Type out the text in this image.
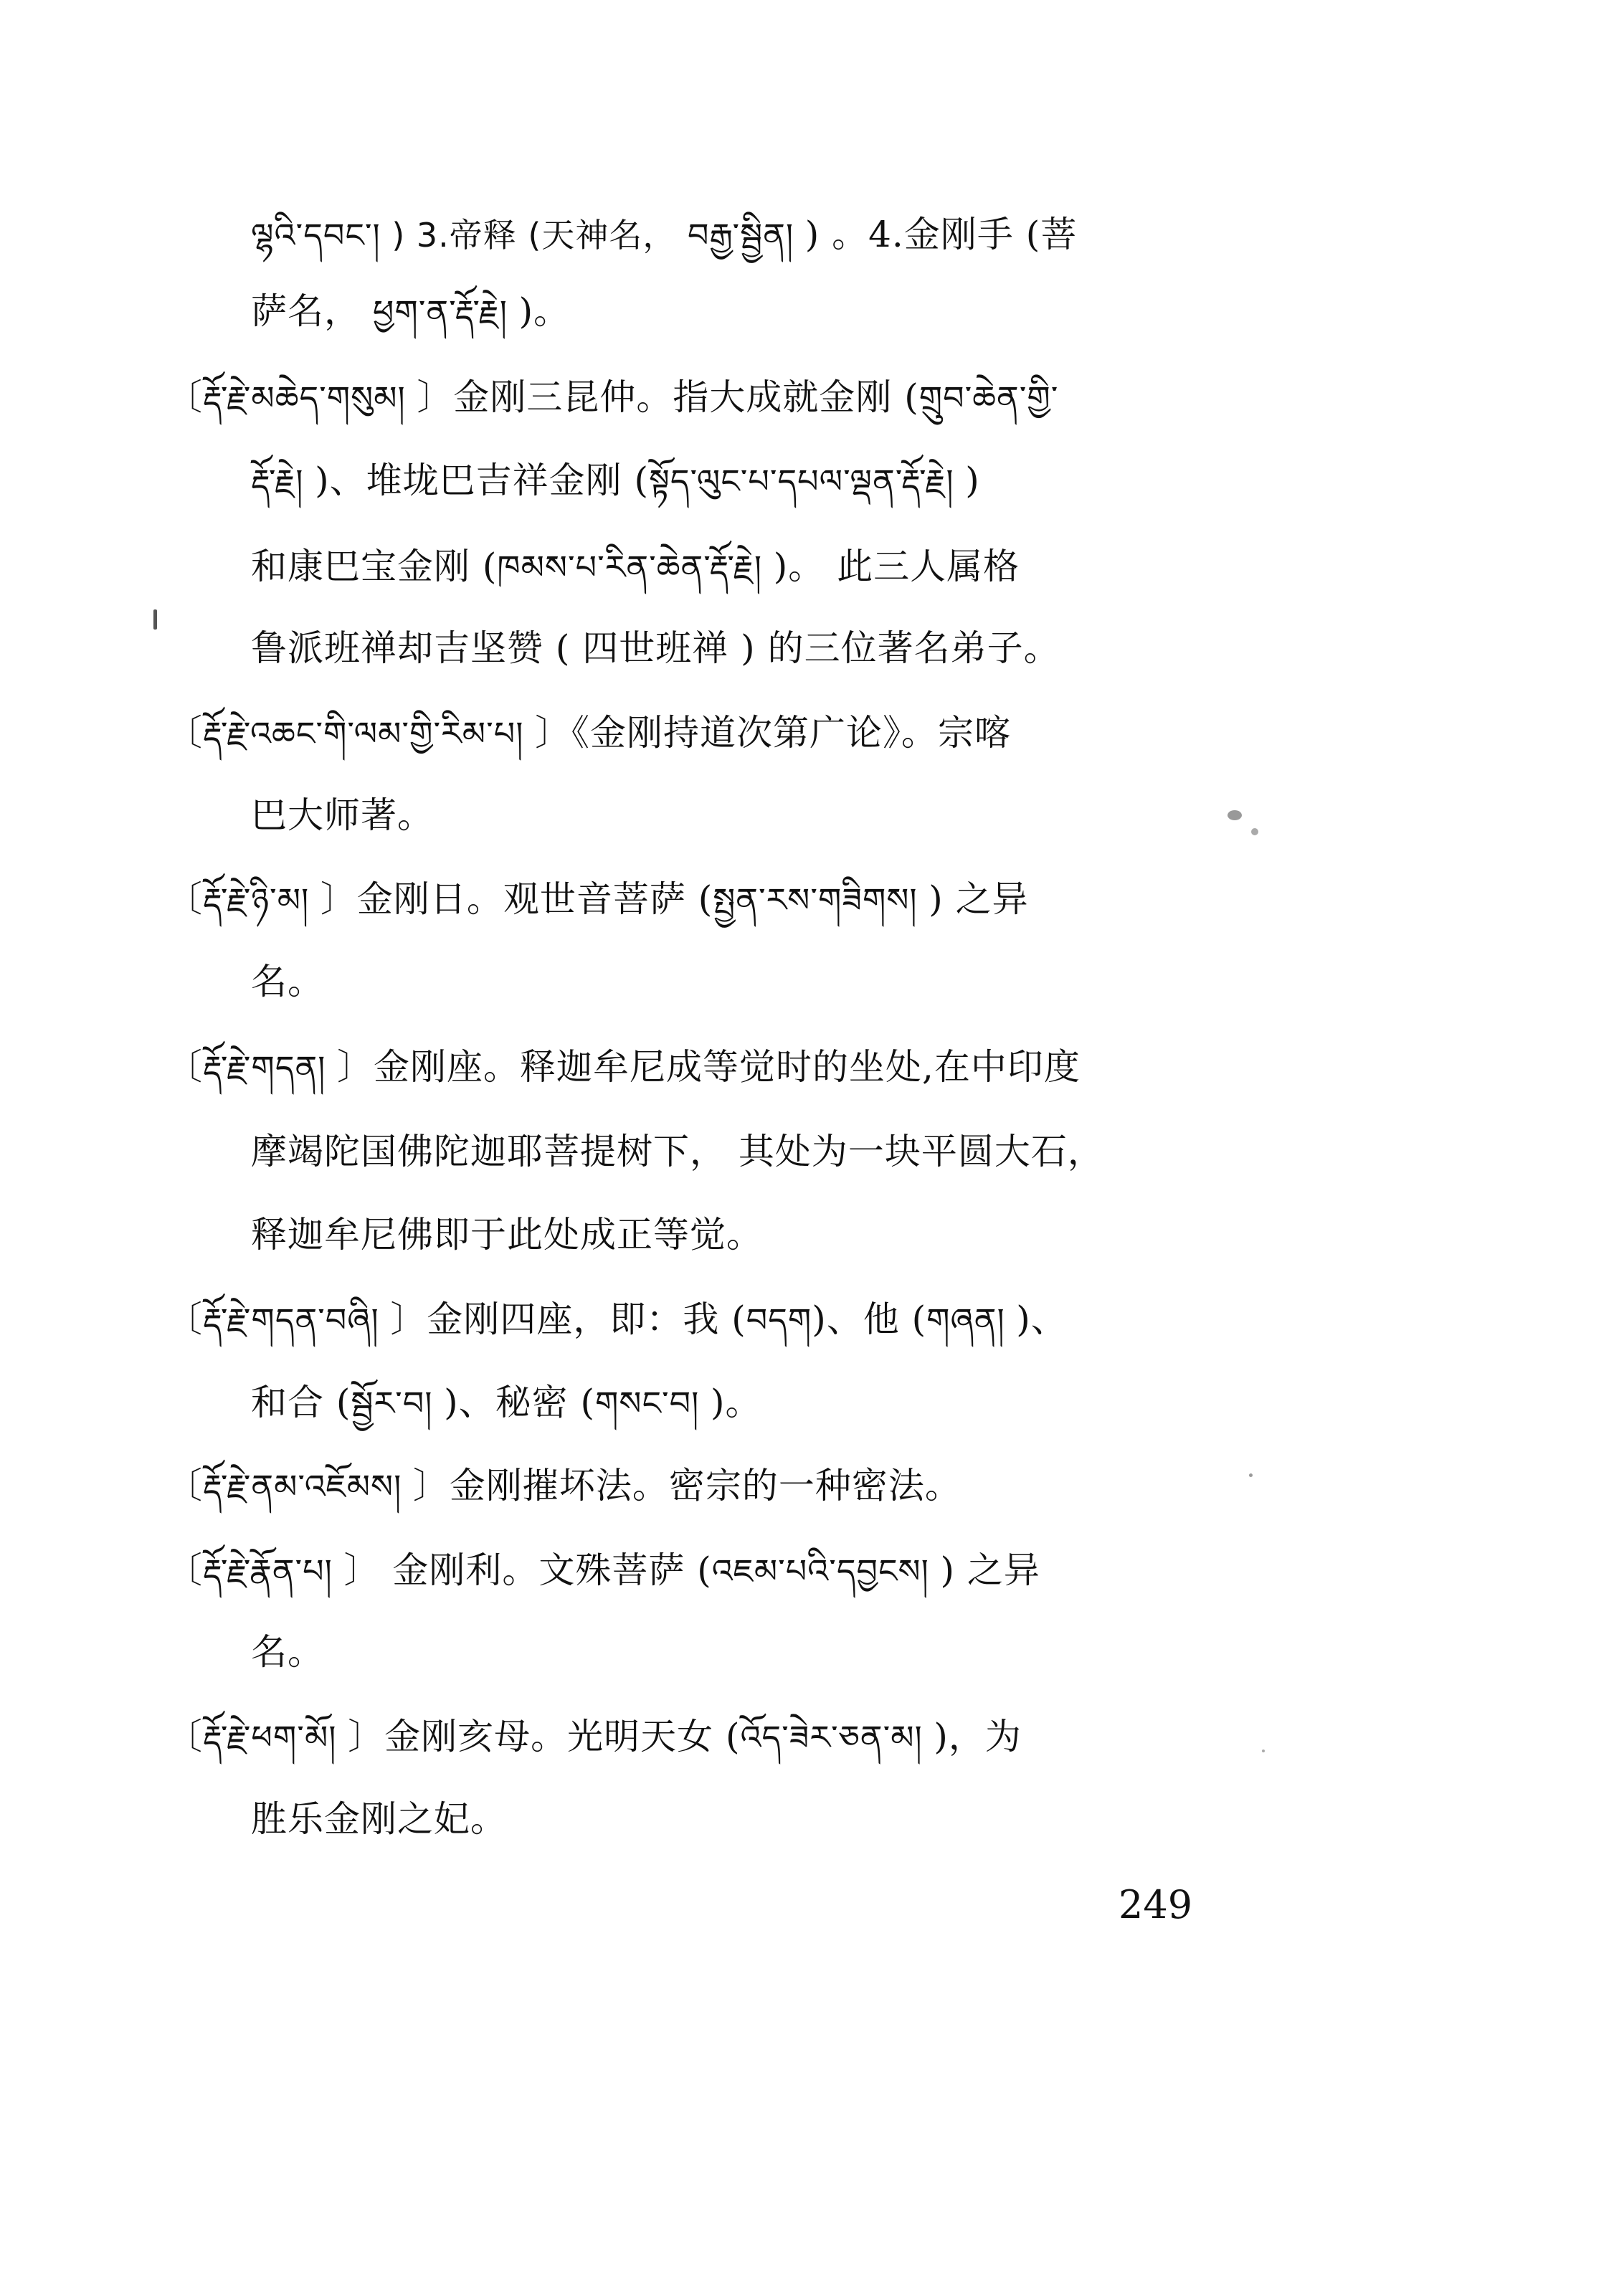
ལྷའི་དབང་། ) 3.帝释 (天神名， བརྒྱ་སྦྱིན། ) 。4.金刚手 (菩
萨名， ཕྱག་ན་རྡོ་རྗེ། )。
〔རྡོ་རྗེ་མཆེད་གསུམ། 〕金刚三昆仲。指大成就金刚 (གྲུབ་ཆེན་གྱི་
རྡོ་རྗེ། )、堆垅巴吉祥金刚 (སྟོད་ལུང་པ་དཔལ་ལྡན་རྡོ་རྗེ། )
和康巴宝金刚 (ཁམས་པ་རིན་ཆེན་རྡོ་རྗེ། )。 此三人属格
鲁派班禅却吉坚赞 ( 四世班禅 ) 的三位著名弟子。
〔རྡོ་རྗེ་འཆང་གི་ལམ་གྱི་རིམ་པ། 〕《金刚持道次第广论》。宗喀
巴大师著。
〔རྡོ་རྗེ་ཉི་མ། 〕金刚日。观世音菩萨 (སྤྱན་རས་གཟིགས། ) 之异
名。
〔རྡོ་རྗེ་གདན། 〕金刚座。释迦牟尼成等觉时的坐处,在中印度
摩竭陀国佛陀迦耶菩提树下， 其处为一块平圆大石，
释迦牟尼佛即于此处成正等觉。
〔རྡོ་རྗེ་གདན་བཞི། 〕金刚四座，即：我 (བདག)、他 (གཞན། )、
和合 (སྦྱོར་བ། )、秘密 (གསང་བ། )。
〔རྡོ་རྗེ་ནམ་འཇོམས། 〕金刚摧坏法。密宗的一种密法。
〔རྡོ་རྗེ་རྣོན་པ། 〕 金刚利。文殊菩萨 (འཇམ་པའི་དབྱངས། ) 之异
名。
〔རྡོ་རྗེ་ཕག་མོ། 〕金刚亥母。光明天女 (འོད་ཟེར་ཅན་མ། )，为
胜乐金刚之妃。
249
